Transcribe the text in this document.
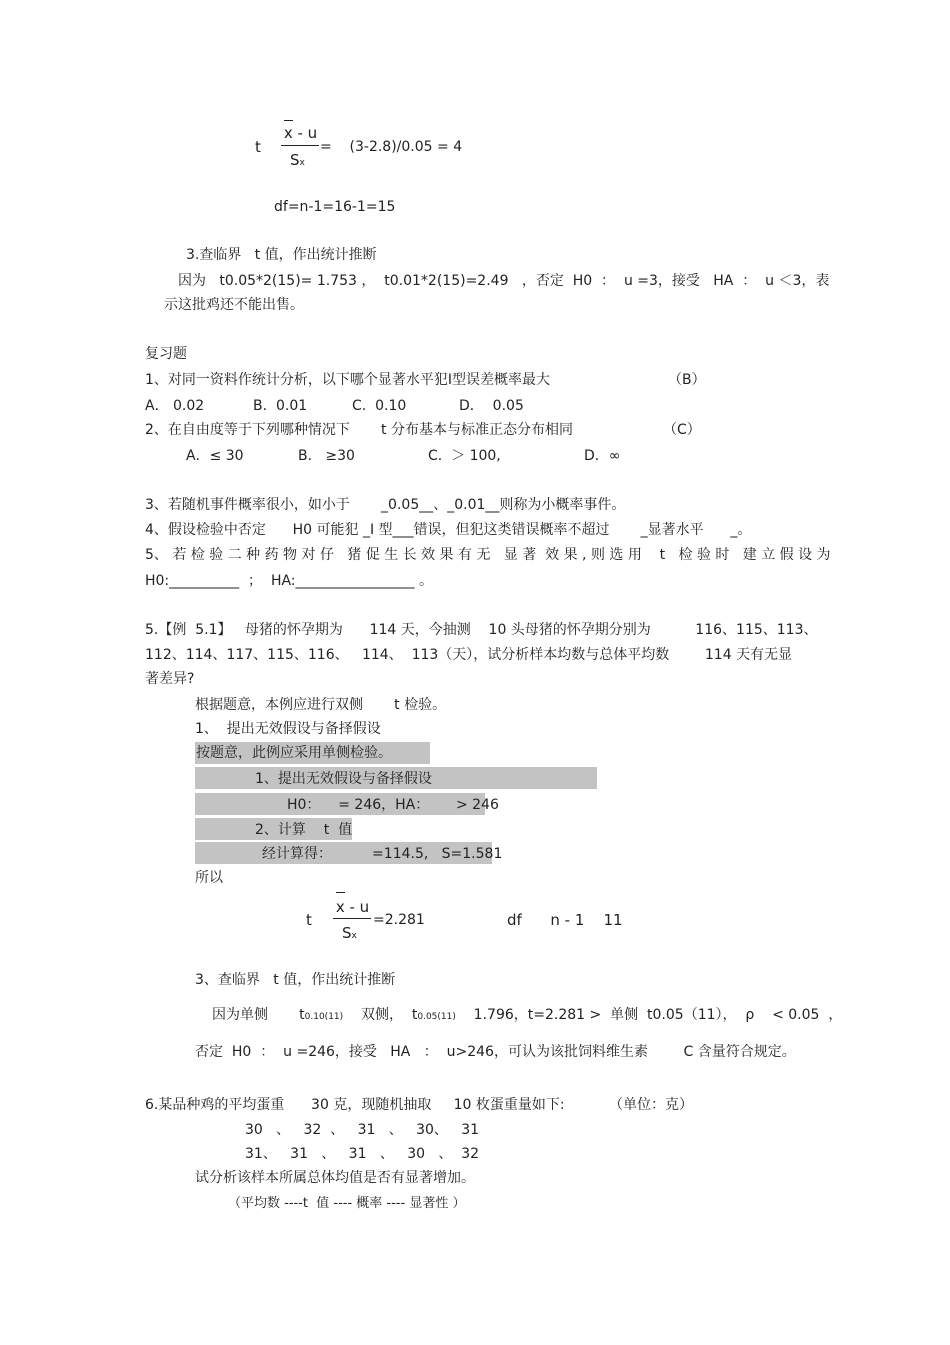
t
x - u
Sx
=    (3-2.8)/0.05 = 4
df=n-1=16-1=15
3.查临界   t 值，作出统计推断
因为   t0.05*2(15)= 1.753 ，  t0.01*2(15)=2.49   ，否定  H0  ：  u =3，接受   HA  ：  u ＜3，表
示这批鸡还不能出售。
复习题
1、对同一资料作统计分析，以下哪个显著水平犯Ⅰ型误差概率最大	（B）
A． 0.02	B.  0.01	C.  0.10	D．  0.05
2、在自由度等于下列哪种情况下       t 分布基本与标准正态分布相同	（C）
A．≤ 30	B.   ≥30	C.  ＞ 100,	D．∞
3、若随机事件概率很小，如小于       _0.05__、_0.01__则称为小概率事件。
4、假设检验中否定      H0 可能犯 _I 型___错误，但犯这类错误概率不超过       _显著水平      _。
5、 若 检 验 二 种 药 物 对 仔   猪 促 生 长 效 果 有 无   显 著  效 果 , 则 选 用    t   检 验 时   建 立 假 设 为
H0:__________  ；  HA:_________________ 。
5.【例  5.1】   母猪的怀孕期为      114 天，今抽测    10 头母猪的怀孕期分别为          116、115、113、
112、114、117、115、116、   114、  113（天），试分析样本均数与总体平均数        114 天有无显
著差异?
根据题意，本例应进行双侧       t 检验。
1、  提出无效假设与备择假设
按题意，此例应采用单侧检验。
1、提出无效假设与备择假设
H0：    = 246，HA：      > 246
2、计算    t  值
经计算得：         =114.5,   S=1.581
所以
t
x - u
Sx
=2.281	df      n - 1    11
3、查临界   t 值，作出统计推断
因为单侧       t0.10(11)    双侧，  t0.05(11)    1.796，t=2.281 >  单侧  t0.05（11），  ρ    < 0.05  ，
否定  H0  ：  u =246，接受   HA   ：  u>246，可认为该批饲料维生素        C 含量符合规定。
6.某品种鸡的平均蛋重      30 克，现随机抽取     10 枚蛋重量如下:          （单位：克）
30   、   32  、   31   、   30、   31
31、   31   、   31   、   30   、  32
试分析该样本所属总体均值是否有显著增加。
（平均数 ----t  值 ---- 概率 ---- 显著性 ）
